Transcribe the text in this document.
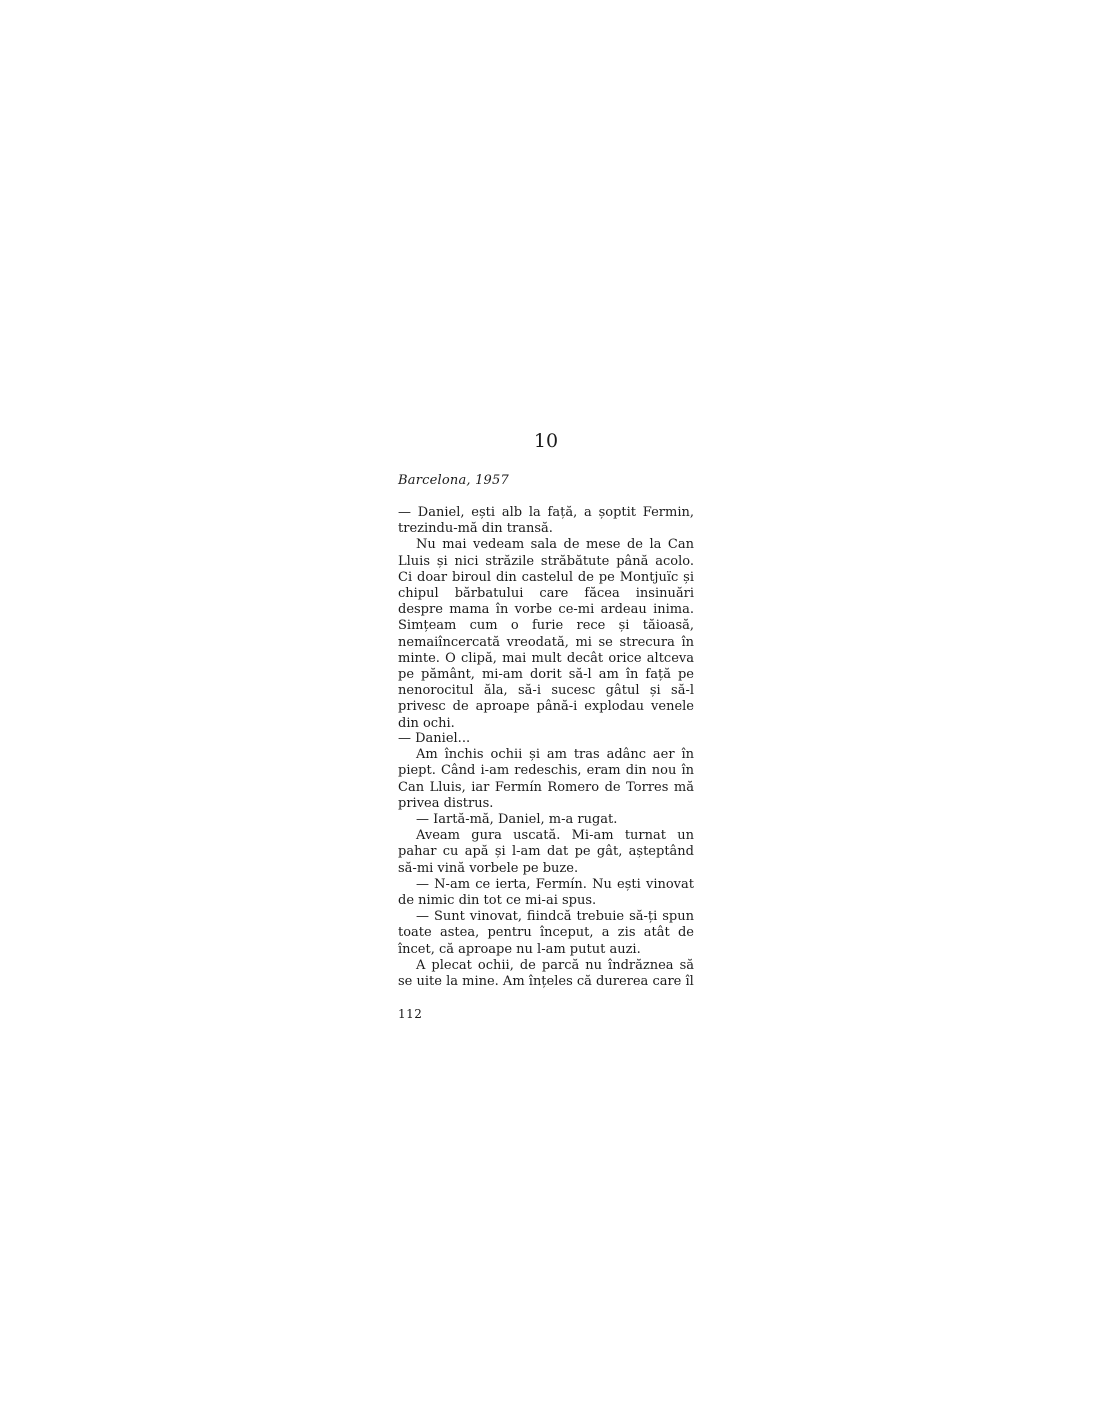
10
Barcelona, 1957

— Daniel, ești alb la față, a șoptit Fermin, trezindu-mă din transă.

Nu mai vedeam sala de mese de la Can Lluis și nici străzile străbătute până acolo. Ci doar biroul din castelul de pe Montjuïc și chipul bărbatului care făcea insinuări despre mama în vorbe ce-mi ardeau inima. Simțeam cum o furie rece și tăioasă, nemaiîncercată vreodată, mi se strecura în minte. O clipă, mai mult decât orice altceva pe pământ, mi-am dorit să-l am în față pe nenorocitul ăla, să-i sucesc gâtul și să-l privesc de aproape până-i explodau venele din ochi.

— Daniel...

Am închis ochii și am tras adânc aer în piept. Când i-am redeschis, eram din nou în Can Lluis, iar Fermín Romero de Torres mă privea distrus.

— Iartă-mă, Daniel, m-a rugat.

Aveam gura uscată. Mi-am turnat un pahar cu apă și l-am dat pe gât, așteptând să-mi vină vorbele pe buze.

— N-am ce ierta, Fermín. Nu ești vinovat de nimic din tot ce mi-ai spus.

— Sunt vinovat, fiindcă trebuie să-ți spun toate astea, pentru început, a zis atât de încet, că aproape nu l-am putut auzi.

A plecat ochii, de parcă nu îndrăznea să se uite la mine. Am înțeles că durerea care îl

112
